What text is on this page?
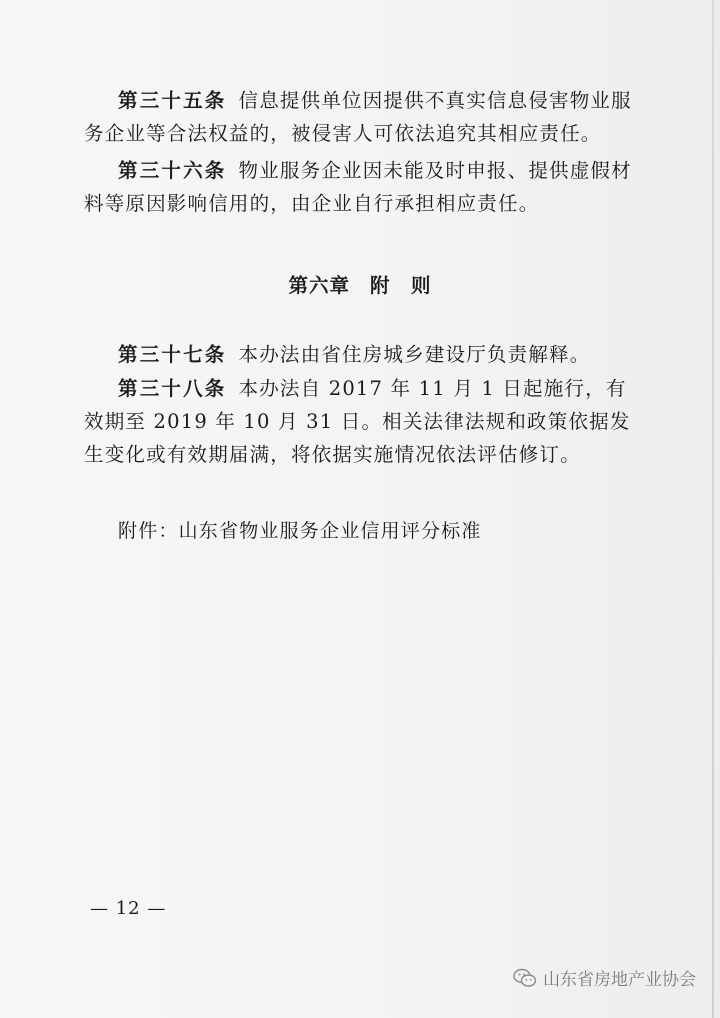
第三十五条 信息提供单位因提供不真实信息侵害物业服务企业等合法权益的，被侵害人可依法追究其相应责任。
第三十六条 物业服务企业因未能及时申报、提供虚假材料等原因影响信用的，由企业自行承担相应责任。
第六章 附　则
第三十七条 本办法由省住房城乡建设厅负责解释。
第三十八条 本办法自 2017 年 11 月 1 日起施行，有效期至 2019 年 10 月 31 日。相关法律法规和政策依据发生变化或有效期届满，将依据实施情况依法评估修订。
附件：山东省物业服务企业信用评分标准
— 12 —
山东省房地产业协会
